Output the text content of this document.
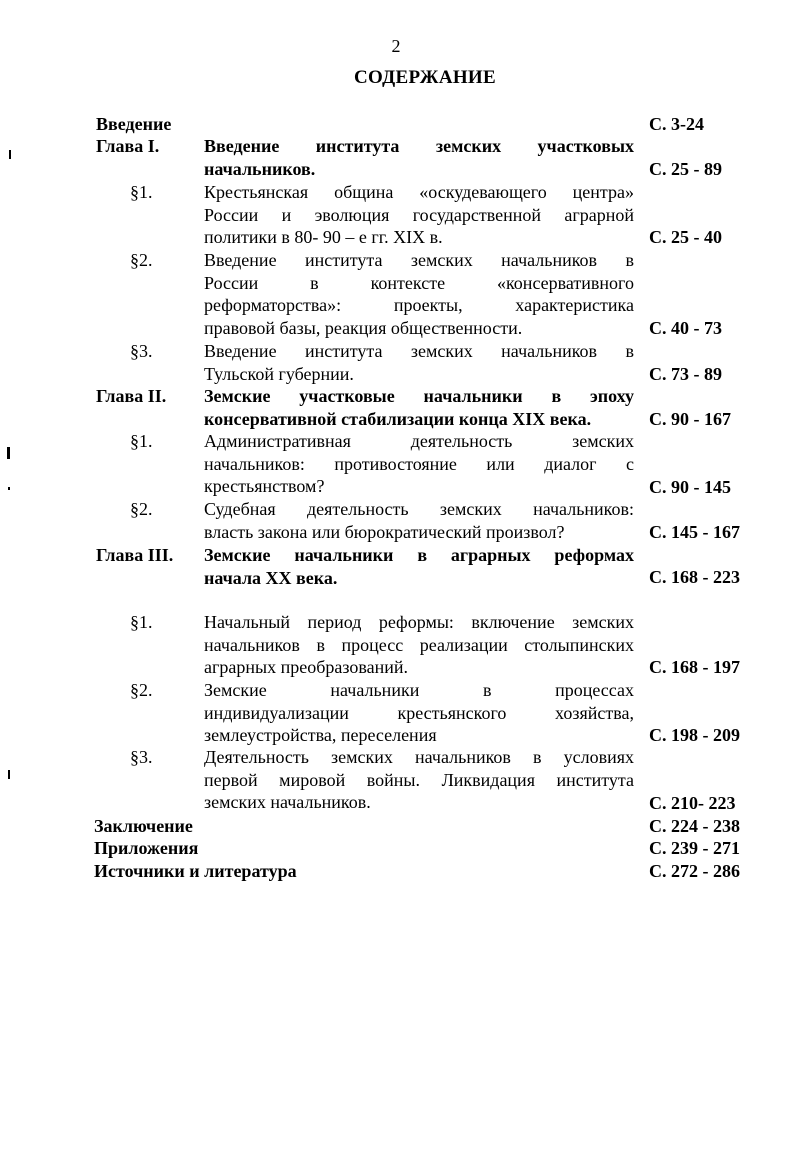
2
СОДЕРЖАНИЕ
Введение	С. 3-24
Глава I. Введение института земских участковых
начальников.	С. 25 - 89
§1.	Крестьянская община «оскудевающего центра»
России и эволюция государственной аграрной
политики в 80- 90 – е гг. XIX в.	С. 25 - 40
§2.	Введение института земских начальников в
России в контексте «консервативного
реформаторства»: проекты, характеристика
правовой базы, реакция общественности.	С. 40 - 73
§3.	Введение института земских начальников в
Тульской губернии.	С. 73 - 89
Глава II. Земские участковые начальники в эпоху
консервативной стабилизации конца XIX века.	С. 90 - 167
§1.	Административная деятельность земских
начальников: противостояние или диалог с
крестьянством?	С. 90 - 145
§2.	Судебная деятельность земских начальников:
власть закона или бюрократический произвол?	С. 145 - 167
Глава III. Земские начальники в аграрных реформах
начала XX века.	С. 168 - 223
§1.	Начальный период реформы: включение земских
начальников в процесс реализации столыпинских
аграрных преобразований.	С. 168 - 197
§2.	Земские начальники в процессах
индивидуализации крестьянского хозяйства,
землеустройства, переселения	С. 198 - 209
§3.	Деятельность земских начальников в условиях
первой мировой войны. Ликвидация института
земских начальников.	С. 210- 223
Заключение	С. 224 - 238
Приложения	С. 239 - 271
Источники и литература	С. 272 - 286
